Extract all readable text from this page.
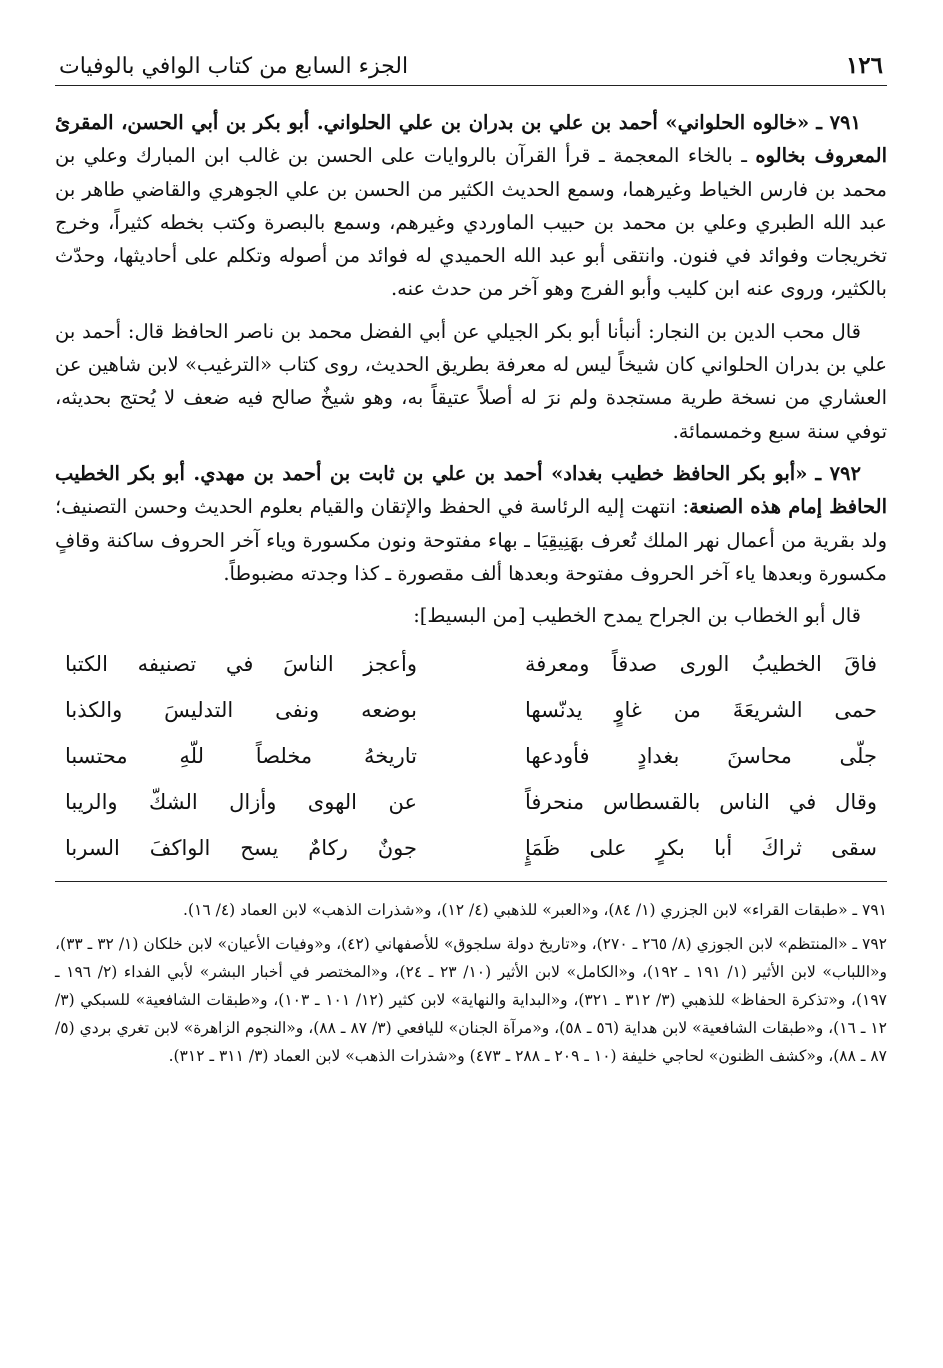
١٢٦
الجزء السابع من كتاب الوافي بالوفيات

٧٩١ ـ «خالوه الحلواني» أحمد بن علي بن بدران بن علي الحلواني. أبو بكر بن أبي الحسن، المقرئ المعروف بخالوه ـ بالخاء المعجمة ـ قرأ القرآن بالروايات على الحسن بن غالب ابن المبارك وعلي بن محمد بن فارس الخياط وغيرهما، وسمع الحديث الكثير من الحسن بن علي الجوهري والقاضي طاهر بن عبد الله الطبري وعلي بن محمد بن حبيب الماوردي وغيرهم، وسمع بالبصرة وكتب بخطه كثيراً، وخرج تخريجات وفوائد في فنون. وانتقى أبو عبد الله الحميدي له فوائد من أصوله وتكلم على أحاديثها، وحدّث بالكثير، وروى عنه ابن كليب وأبو الفرج وهو آخر من حدث عنه.

قال محب الدين بن النجار: أنبأنا أبو بكر الجيلي عن أبي الفضل محمد بن ناصر الحافظ قال: أحمد بن علي بن بدران الحلواني كان شيخاً ليس له معرفة بطريق الحديث، روى كتاب «الترغيب» لابن شاهين عن العشاري من نسخة طرية مستجدة ولم نرَ له أصلاً عتيقاً به، وهو شيخٌ صالح فيه ضعف لا يُحتج بحديثه، توفي سنة سبع وخمسمائة.

٧٩٢ ـ «أبو بكر الحافظ خطيب بغداد» أحمد بن علي بن ثابت بن أحمد بن مهدي. أبو بكر الخطيب الحافظ إمام هذه الصنعة: انتهت إليه الرئاسة في الحفظ والإتقان والقيام بعلوم الحديث وحسن التصنيف؛ ولد بقرية من أعمال نهر الملك تُعرف بهَنِيقِيَا ـ بهاء مفتوحة ونون مكسورة وياء آخر الحروف ساكنة وقافٍ مكسورة وبعدها ياء آخر الحروف مفتوحة وبعدها ألف مقصورة ـ كذا وجدته مضبوطاً.

قال أبو الخطاب بن الجراح يمدح الخطيب [من البسيط]:

فاقَ الخطيبُ الورى صدقاً ومعرفة
وأعجز الناسَ في تصنيفه الكتبا
حمى الشريعَةَ من غاوٍ يدنّسها
بوضعه ونفى التدليسَ والكذبا
جلّى محاسنَ بغدادٍ فأودعها
تاريخهُ مخلصاً للّهِ محتسبا
وقال في الناس بالقسطاس منحرفاً
عن الهوى وأزال الشكّ والريبا
سقى ثراكَ أبا بكرٍ على ظَمَإٍ
جونٌ ركامٌ يسح الواكفَ السربا

٧٩١ ـ «طبقات القراء» لابن الجزري (١/ ٨٤)، و«العبر» للذهبي (٤/ ١٢)، و«شذرات الذهب» لابن العماد (٤/ ١٦).

٧٩٢ ـ «المنتظم» لابن الجوزي (٨/ ٢٦٥ ـ ٢٧٠)، و«تاريخ دولة سلجوق» للأصفهاني (٤٢)، و«وفيات الأعيان» لابن خلكان (١/ ٣٢ ـ ٣٣)، و«اللباب» لابن الأثير (١/ ١٩١ ـ ١٩٢)، و«الكامل» لابن الأثير (١٠/ ٢٣ ـ ٢٤)، و«المختصر في أخبار البشر» لأبي الفداء (٢/ ١٩٦ ـ ١٩٧)، و«تذكرة الحفاظ» للذهبي (٣/ ٣١٢ ـ ٣٢١)، و«البداية والنهاية» لابن كثير (١٢/ ١٠١ ـ ١٠٣)، و«طبقات الشافعية» للسبكي (٣/ ١٢ ـ ١٦)، و«طبقات الشافعية» لابن هداية (٥٦ ـ ٥٨)، و«مرآة الجنان» لليافعي (٣/ ٨٧ ـ ٨٨)، و«النجوم الزاهرة» لابن تغري بردي (٥/ ٨٧ ـ ٨٨)، و«كشف الظنون» لحاجي خليفة (١٠ ـ ٢٠٩ ـ ٢٨٨ ـ ٤٧٣) و«شذرات الذهب» لابن العماد (٣/ ٣١١ ـ ٣١٢).
